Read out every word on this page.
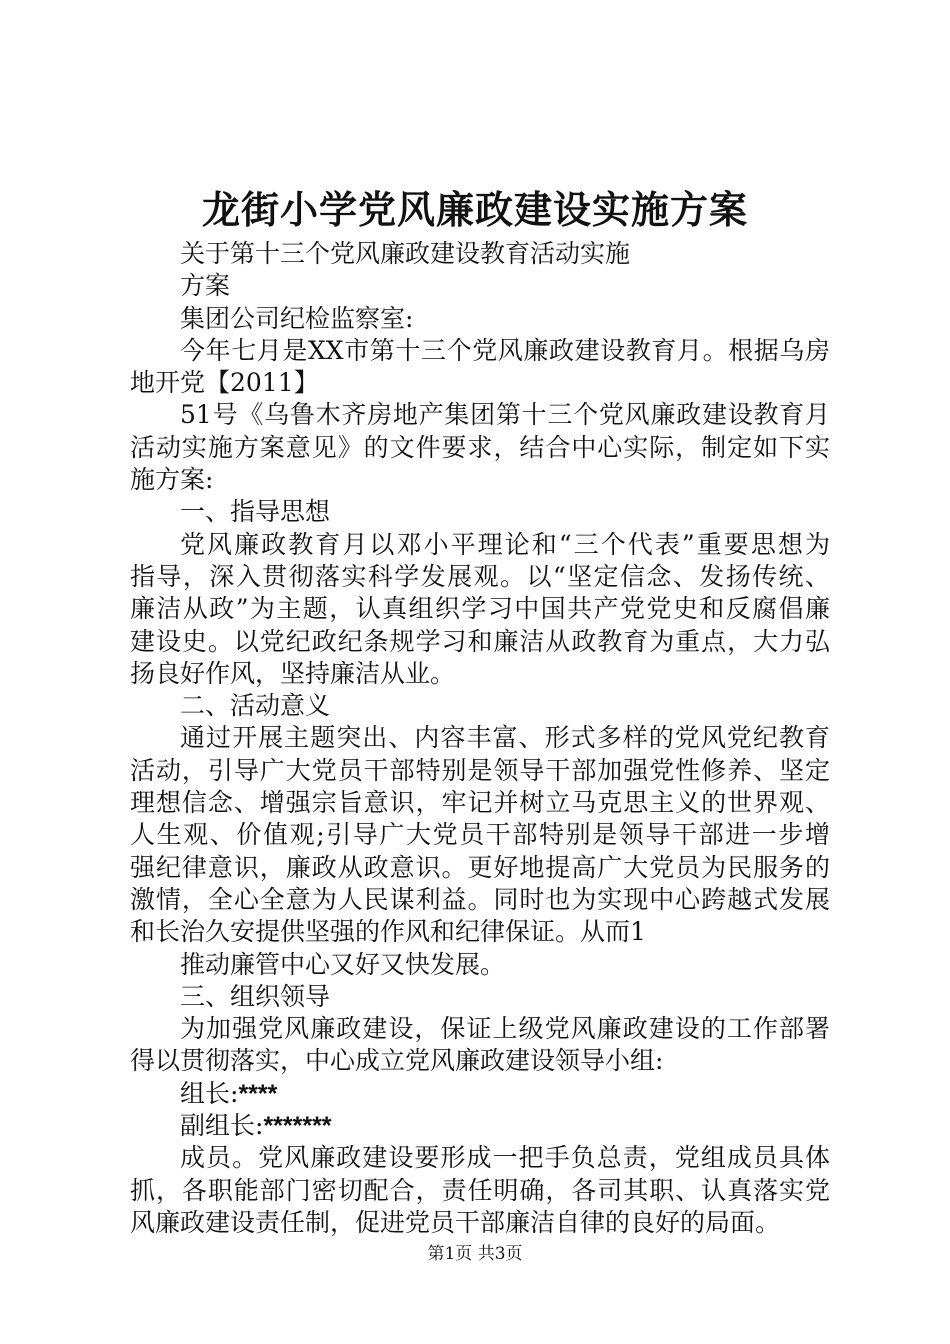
龙街小学党风廉政建设实施方案
关于第十三个党风廉政建设教育活动实施
方案
集团公司纪检监察室:
今年七月是XX市第十三个党风廉政建设教育月。根据乌房
地开党【2011】
51号《乌鲁木齐房地产集团第十三个党风廉政建设教育月
活动实施方案意见》的文件要求，结合中心实际，制定如下实
施方案:
一、指导思想
党风廉政教育月以邓小平理论和“三个代表”重要思想为
指导，深入贯彻落实科学发展观。以“坚定信念、发扬传统、
廉洁从政”为主题，认真组织学习中国共产党党史和反腐倡廉
建设史。以党纪政纪条规学习和廉洁从政教育为重点，大力弘
扬良好作风，坚持廉洁从业。
二、活动意义
通过开展主题突出、内容丰富、形式多样的党风党纪教育
活动，引导广大党员干部特别是领导干部加强党性修养、坚定
理想信念、增强宗旨意识，牢记并树立马克思主义的世界观、
人生观、价值观;引导广大党员干部特别是领导干部进一步增
强纪律意识，廉政从政意识。更好地提高广大党员为民服务的
激情，全心全意为人民谋利益。同时也为实现中心跨越式发展
和长治久安提供坚强的作风和纪律保证。从而1
推动廉管中心又好又快发展。
三、组织领导
为加强党风廉政建设，保证上级党风廉政建设的工作部署
得以贯彻落实，中心成立党风廉政建设领导小组:
组长:****
副组长:*******
成员。党风廉政建设要形成一把手负总责，党组成员具体
抓，各职能部门密切配合，责任明确，各司其职、认真落实党
风廉政建设责任制，促进党员干部廉洁自律的良好的局面。
第1页 共3页
